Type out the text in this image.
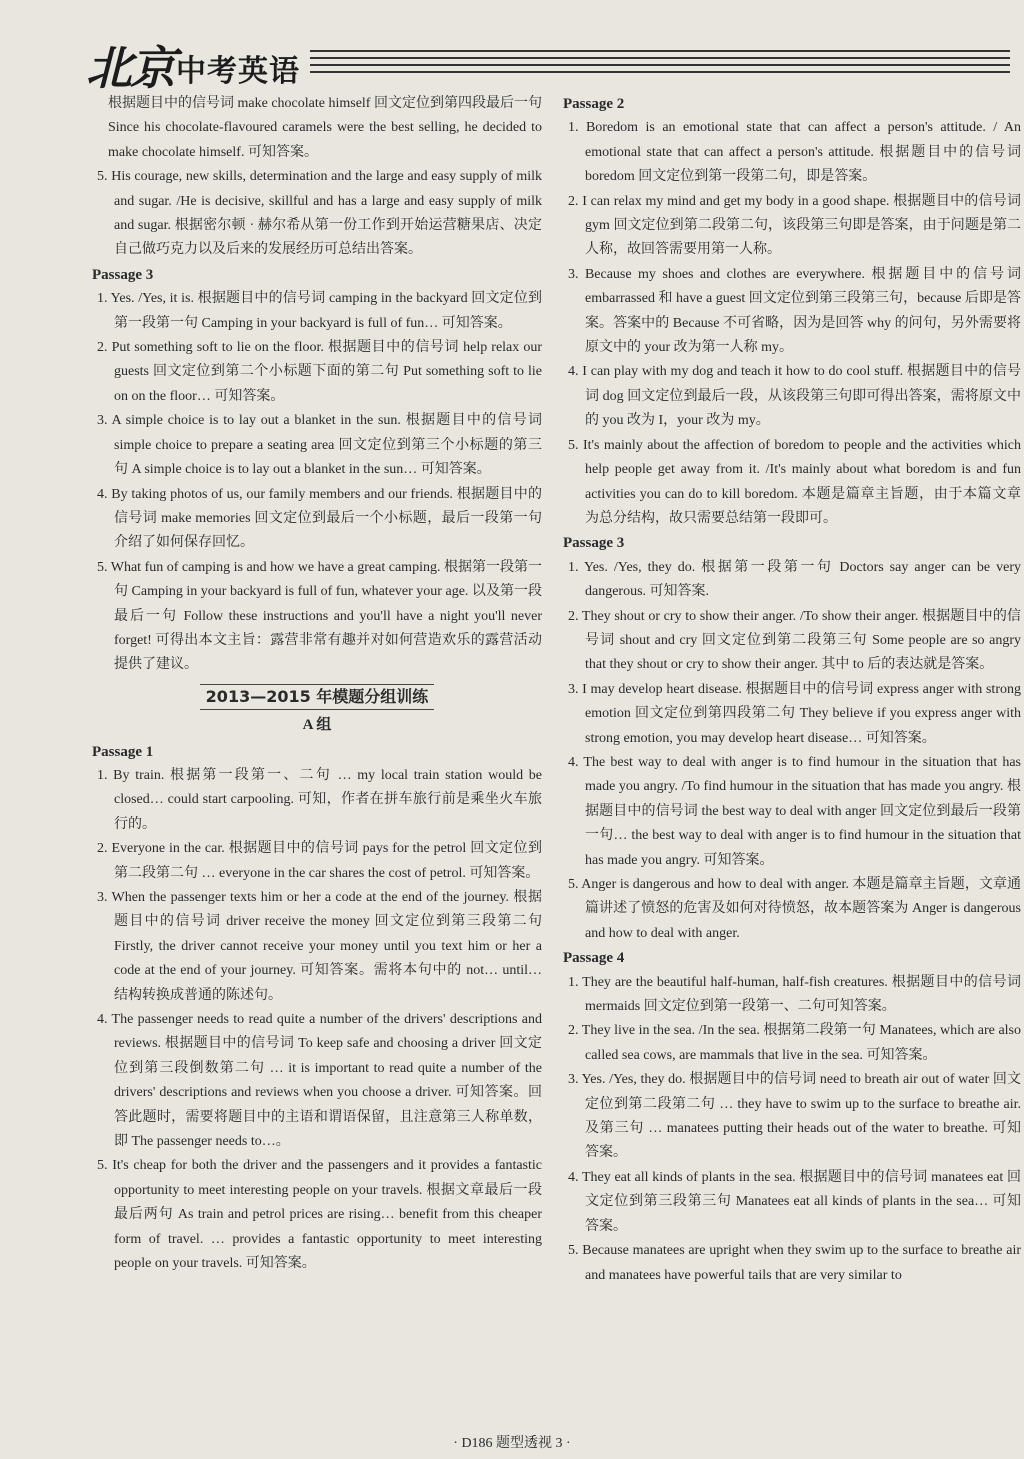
北京 中考英语
根据题目中的信号词 make chocolate himself 回文定位到第四段最后一句 Since his chocolate-flavoured caramels were the best selling, he decided to make chocolate himself. 可知答案。
5. His courage, new skills, determination and the large and easy supply of milk and sugar. /He is decisive, skillful and has a large and easy supply of milk and sugar. 根据密尔顿 · 赫尔希从第一份工作到开始运营糖果店、决定自己做巧克力以及后来的发展经历可总结出答案。
Passage 3
1. Yes. /Yes, it is. 根据题目中的信号词 camping in the backyard 回文定位到第一段第一句 Camping in your backyard is full of fun… 可知答案。
2. Put something soft to lie on the floor. 根据题目中的信号词 help relax our guests 回文定位到第二个小标题下面的第二句 Put something soft to lie on on the floor… 可知答案。
3. A simple choice is to lay out a blanket in the sun. 根据题目中的信号词 simple choice to prepare a seating area 回文定位到第三个小标题的第三句 A simple choice is to lay out a blanket in the sun… 可知答案。
4. By taking photos of us, our family members and our friends. 根据题目中的信号词 make memories 回文定位到最后一个小标题，最后一段第一句介绍了如何保存回忆。
5. What fun of camping is and how we have a great camping. 根据第一段第一句 Camping in your backyard is full of fun, whatever your age. 以及第一段最后一句 Follow these instructions and you'll have a night you'll never forget! 可得出本文主旨：露营非常有趣并对如何营造欢乐的露营活动提供了建议。
2013—2015 年模题分组训练
A 组
Passage 1
1. By train. 根据第一段第一、二句 … my local train station would be closed… could start carpooling. 可知，作者在拼车旅行前是乘坐火车旅行的。
2. Everyone in the car. 根据题目中的信号词 pays for the petrol 回文定位到第二段第二句 … everyone in the car shares the cost of petrol. 可知答案。
3. When the passenger texts him or her a code at the end of the journey. 根据题目中的信号词 driver receive the money 回文定位到第三段第二句 Firstly, the driver cannot receive your money until you text him or her a code at the end of your journey. 可知答案。需将本句中的 not… until… 结构转换成普通的陈述句。
4. The passenger needs to read quite a number of the drivers' descriptions and reviews. 根据题目中的信号词 To keep safe and choosing a driver 回文定位到第三段倒数第二句 … it is important to read quite a number of the drivers' descriptions and reviews when you choose a driver. 可知答案。回答此题时，需要将题目中的主语和谓语保留，且注意第三人称单数，即 The passenger needs to…。
5. It's cheap for both the driver and the passengers and it provides a fantastic opportunity to meet interesting people on your travels. 根据文章最后一段最后两句 As train and petrol prices are rising… benefit from this cheaper form of travel. … provides a fantastic opportunity to meet interesting people on your travels. 可知答案。
Passage 2
1. Boredom is an emotional state that can affect a person's attitude. / An emotional state that can affect a person's attitude. 根据题目中的信号词 boredom 回文定位到第一段第二句，即是答案。
2. I can relax my mind and get my body in a good shape. 根据题目中的信号词 gym 回文定位到第二段第二句，该段第三句即是答案，由于问题是第二人称，故回答需要用第一人称。
3. Because my shoes and clothes are everywhere. 根据题目中的信号词 embarrassed 和 have a guest 回文定位到第三段第三句，because 后即是答案。答案中的 Because 不可省略，因为是回答 why 的问句，另外需要将原文中的 your 改为第一人称 my。
4. I can play with my dog and teach it how to do cool stuff. 根据题目中的信号词 dog 回文定位到最后一段，从该段第三句即可得出答案，需将原文中的 you 改为 I，your 改为 my。
5. It's mainly about the affection of boredom to people and the activities which help people get away from it. /It's mainly about what boredom is and fun activities you can do to kill boredom. 本题是篇章主旨题，由于本篇文章为总分结构，故只需要总结第一段即可。
Passage 3
1. Yes. /Yes, they do. 根据第一段第一句 Doctors say anger can be very dangerous. 可知答案.
2. They shout or cry to show their anger. /To show their anger. 根据题目中的信号词 shout and cry 回文定位到第二段第三句 Some people are so angry that they shout or cry to show their anger. 其中 to 后的表达就是答案。
3. I may develop heart disease. 根据题目中的信号词 express anger with strong emotion 回文定位到第四段第二句 They believe if you express anger with strong emotion, you may develop heart disease… 可知答案。
4. The best way to deal with anger is to find humour in the situation that has made you angry. /To find humour in the situation that has made you angry. 根据题目中的信号词 the best way to deal with anger 回文定位到最后一段第一句… the best way to deal with anger is to find humour in the situation that has made you angry. 可知答案。
5. Anger is dangerous and how to deal with anger. 本题是篇章主旨题，文章通篇讲述了愤怒的危害及如何对待愤怒，故本题答案为 Anger is dangerous and how to deal with anger.
Passage 4
1. They are the beautiful half-human, half-fish creatures. 根据题目中的信号词 mermaids 回文定位到第一段第一、二句可知答案。
2. They live in the sea. /In the sea. 根据第二段第一句 Manatees, which are also called sea cows, are mammals that live in the sea. 可知答案。
3. Yes. /Yes, they do. 根据题目中的信号词 need to breath air out of water 回文定位到第二段第二句 … they have to swim up to the surface to breathe air. 及第三句 … manatees putting their heads out of the water to breathe. 可知答案。
4. They eat all kinds of plants in the sea. 根据题目中的信号词 manatees eat 回文定位到第三段第三句 Manatees eat all kinds of plants in the sea… 可知答案。
5. Because manatees are upright when they swim up to the surface to breathe air and manatees have powerful tails that are very similar to
· D186 题型透视 3 ·
